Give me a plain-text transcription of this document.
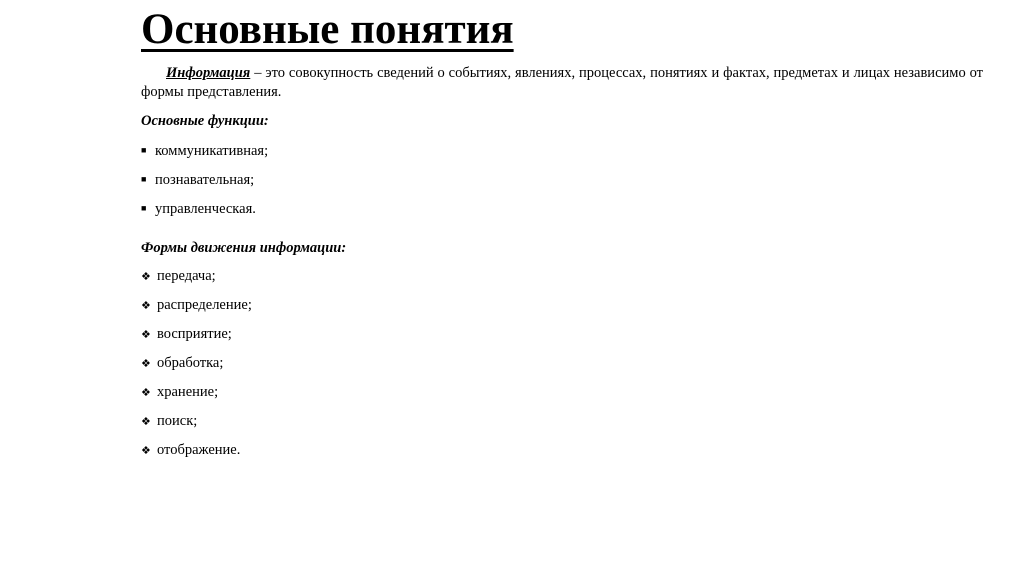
Основные понятия

Информация – это совокупность сведений о событиях, явлениях, процессах, понятиях и фактах, предметах и лицах независимо от формы представления.

Основные функции:

■ коммуникативная;
■ познавательная;
■ управленческая.

Формы движения информации:

❖ передача;
❖ распределение;
❖ восприятие;
❖ обработка;
❖ хранение;
❖ поиск;
❖ отображение.
